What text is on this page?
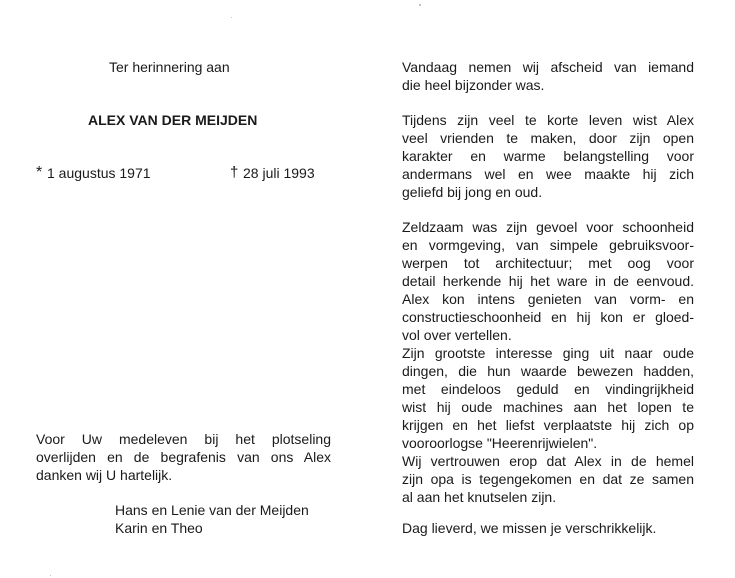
Ter herinnering aan
ALEX VAN DER MEIJDEN
* 1 augustus 1971	† 28 juli 1993
Voor Uw medeleven bij het plotseling
overlijden en de begrafenis van ons Alex
danken wij U hartelijk.
Hans en Lenie van der Meijden
Karin en Theo
Vandaag nemen wij afscheid van iemand
die heel bijzonder was.
Tijdens zijn veel te korte leven wist Alex
veel vrienden te maken, door zijn open
karakter en warme belangstelling voor
andermans wel en wee maakte hij zich
geliefd bij jong en oud.
Zeldzaam was zijn gevoel voor schoonheid
en vormgeving, van simpele gebruiksvoor-
werpen tot architectuur; met oog voor
detail herkende hij het ware in de eenvoud.
Alex kon intens genieten van vorm- en
constructieschoonheid en hij kon er gloed-
vol over vertellen.
Zijn grootste interesse ging uit naar oude
dingen, die hun waarde bewezen hadden,
met eindeloos geduld en vindingrijkheid
wist hij oude machines aan het lopen te
krijgen en het liefst verplaatste hij zich op
vooroorlogse "Heerenrijwielen".
Wij vertrouwen erop dat Alex in de hemel
zijn opa is tegengekomen en dat ze samen
al aan het knutselen zijn.
Dag lieverd, we missen je verschrikkelijk.
